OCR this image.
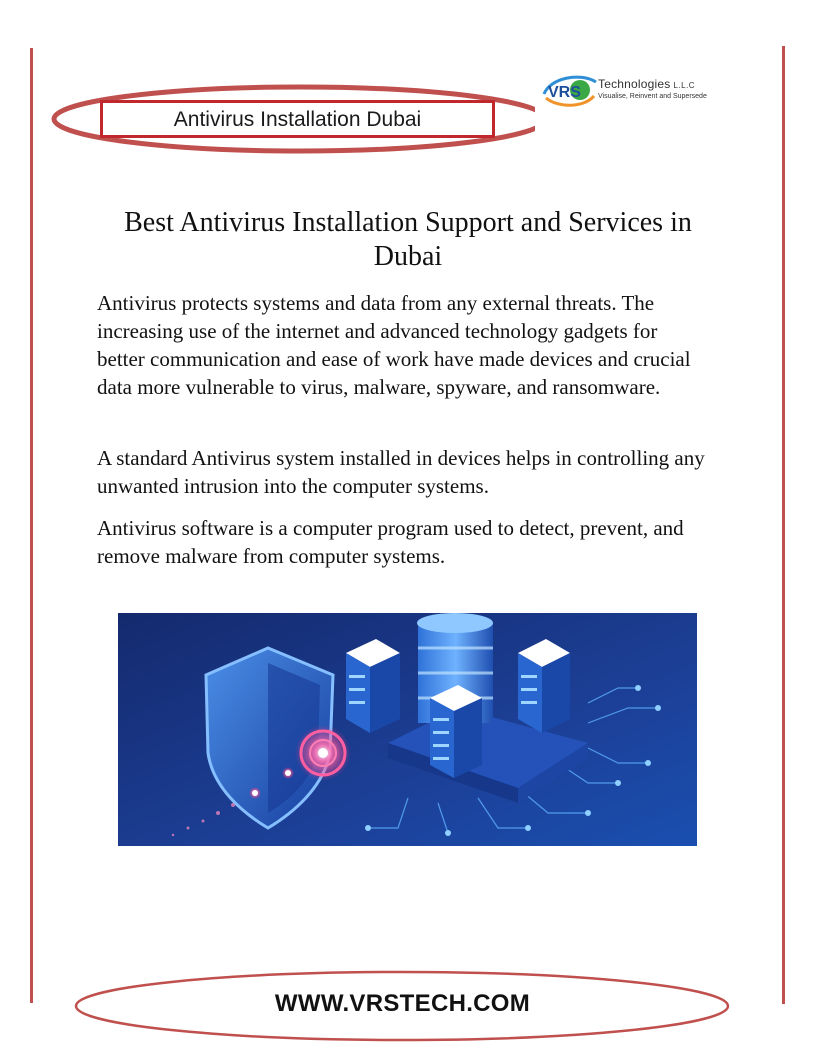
Antivirus Installation Dubai
VRS Technologies L.L.C
Visualise, Reinvent and Supersede
Best Antivirus Installation Support and Services in Dubai

Antivirus protects systems and data from any external threats. The increasing use of the internet and advanced technology gadgets for better communication and ease of work have made devices and crucial data more vulnerable to virus, malware, spyware, and ransomware.

A standard Antivirus system installed in devices helps in controlling any unwanted intrusion into the computer systems.

Antivirus software is a computer program used to detect, prevent, and remove malware from computer systems.

WWW.VRSTECH.COM
